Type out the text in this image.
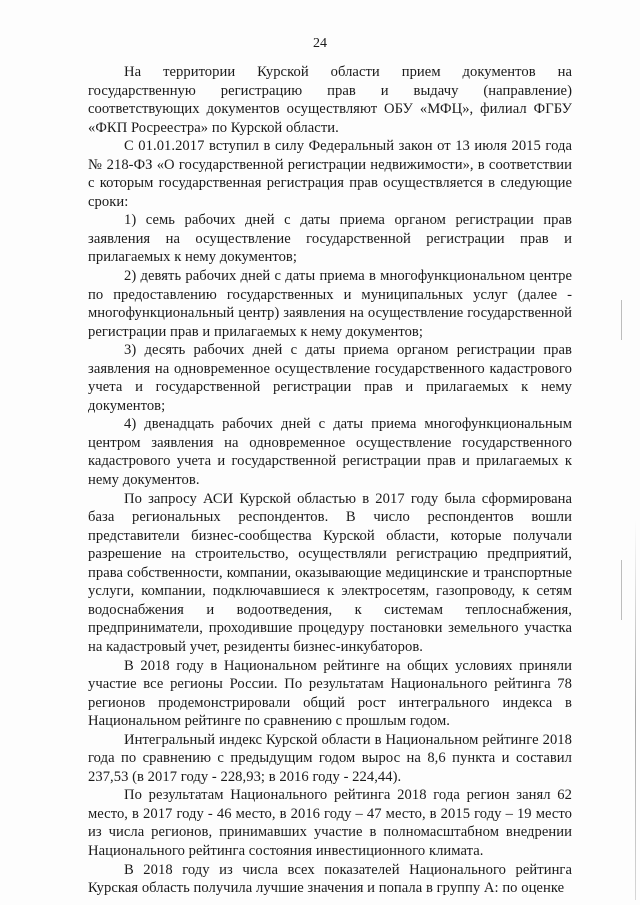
24

На территории Курской области прием документов на государственную регистрацию прав и выдачу (направление) соответствующих документов осуществляют ОБУ «МФЦ», филиал ФГБУ «ФКП Росреестра» по Курской области.

С 01.01.2017 вступил в силу Федеральный закон от 13 июля 2015 года № 218-ФЗ «О государственной регистрации недвижимости», в соответствии с которым государственная регистрация прав осуществляется в следующие сроки:

1) семь рабочих дней с даты приема органом регистрации прав заявления на осуществление государственной регистрации прав и прилагаемых к нему документов;

2) девять рабочих дней с даты приема в многофункциональном центре по предоставлению государственных и муниципальных услуг (далее - многофункциональный центр) заявления на осуществление государственной регистрации прав и прилагаемых к нему документов;

3) десять рабочих дней с даты приема органом регистрации прав заявления на одновременное осуществление государственного кадастрового учета и государственной регистрации прав и прилагаемых к нему документов;

4) двенадцать рабочих дней с даты приема многофункциональным центром заявления на одновременное осуществление государственного кадастрового учета и государственной регистрации прав и прилагаемых к нему документов.

По запросу АСИ Курской областью в 2017 году была сформирована база региональных респондентов. В число респондентов вошли представители бизнес-сообщества Курской области, которые получали разрешение на строительство, осуществляли регистрацию предприятий, права собственности, компании, оказывающие медицинские и транспортные услуги, компании, подключавшиеся к электросетям, газопроводу, к сетям водоснабжения и водоотведения, к системам теплоснабжения, предприниматели, проходившие процедуру постановки земельного участка на кадастровый учет, резиденты бизнес-инкубаторов.

В 2018 году в Национальном рейтинге на общих условиях приняли участие все регионы России. По результатам Национального рейтинга 78 регионов продемонстрировали общий рост интегрального индекса в Национальном рейтинге по сравнению с прошлым годом.

Интегральный индекс Курской области в Национальном рейтинге 2018 года по сравнению с предыдущим годом вырос на 8,6 пункта и составил 237,53 (в 2017 году - 228,93; в 2016 году - 224,44).

По результатам Национального рейтинга 2018 года регион занял 62 место, в 2017 году - 46 место, в 2016 году – 47 место, в 2015 году – 19 место из числа регионов, принимавших участие в полномасштабном внедрении Национального рейтинга состояния инвестиционного климата.

В 2018 году из числа всех показателей Национального рейтинга Курская область получила лучшие значения и попала в группу А: по оценке
